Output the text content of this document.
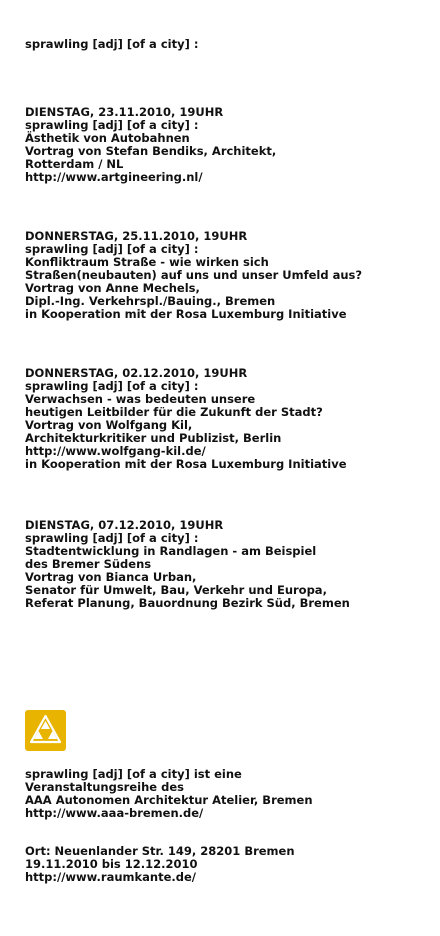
sprawling [adj] [of a city] :
DIENSTAG, 23.11.2010, 19UHR
sprawling [adj] [of a city] :
Ästhetik von Autobahnen
Vortrag von Stefan Bendiks, Architekt,
Rotterdam / NL
http://www.artgineering.nl/
DONNERSTAG, 25.11.2010, 19UHR
sprawling [adj] [of a city] :
Konfliktraum Straße - wie wirken sich
Straßen(neubauten) auf uns und unser Umfeld aus?
Vortrag von Anne Mechels,
Dipl.-Ing. Verkehrspl./Bauing., Bremen
in Kooperation mit der Rosa Luxemburg Initiative
DONNERSTAG, 02.12.2010, 19UHR
sprawling [adj] [of a city] :
Verwachsen - was bedeuten unsere
heutigen Leitbilder für die Zukunft der Stadt?
Vortrag von Wolfgang Kil,
Architekturkritiker und Publizist, Berlin
http://www.wolfgang-kil.de/
in Kooperation mit der Rosa Luxemburg Initiative
DIENSTAG, 07.12.2010, 19UHR
sprawling [adj] [of a city] :
Stadtentwicklung in Randlagen - am Beispiel
des Bremer Südens
Vortrag von Bianca Urban,
Senator für Umwelt, Bau, Verkehr und Europa,
Referat Planung, Bauordnung Bezirk Süd, Bremen
sprawling [adj] [of a city] ist eine
Veranstaltungsreihe des
AAA Autonomen Architektur Atelier, Bremen
http://www.aaa-bremen.de/
Ort: Neuenlander Str. 149, 28201 Bremen
19.11.2010 bis 12.12.2010
http://www.raumkante.de/
